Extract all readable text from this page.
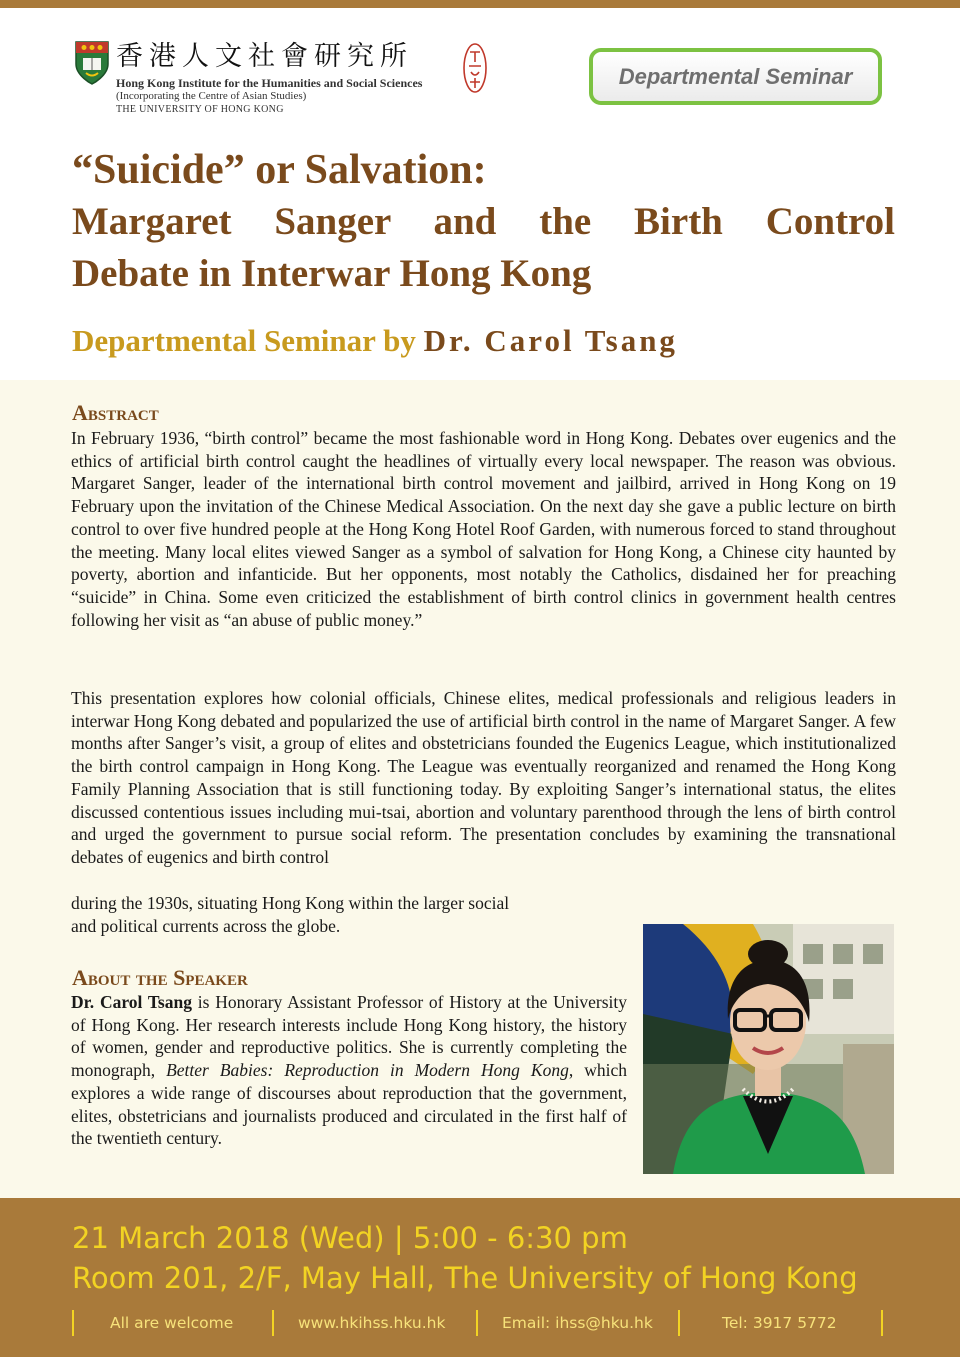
香港人文社會研究所
Hong Kong Institute for the Humanities and Social Sciences
(Incorporating the Centre of Asian Studies)
THE UNIVERSITY OF HONG KONG
Departmental Seminar
“Suicide” or Salvation:
Margaret Sanger and the Birth Control
Debate in Interwar Hong Kong
Departmental Seminar by Dr. Carol Tsang
Abstract

In February 1936, “birth control” became the most fashionable word in Hong Kong. Debates over eugenics and the ethics of artificial birth control caught the headlines of virtually every local newspaper. The reason was obvious. Margaret Sanger, leader of the international birth control movement and jailbird, arrived in Hong Kong on 19 February upon the invitation of the Chinese Medical Association. On the next day she gave a public lecture on birth control to over five hundred people at the Hong Kong Hotel Roof Garden, with numerous forced to stand throughout the meeting. Many local elites viewed Sanger as a symbol of salvation for Hong Kong, a Chinese city haunted by poverty, abortion and infanticide. But her opponents, most notably the Catholics, disdained her for preaching “suicide” in China. Some even criticized the establishment of birth control clinics in government health centres following her visit as “an abuse of public money.”

This presentation explores how colonial officials, Chinese elites, medical professionals and religious leaders in interwar Hong Kong debated and popularized the use of artificial birth control in the name of Margaret Sanger. A few months after Sanger’s visit, a group of elites and obstetricians founded the Eugenics League, which institutionalized the birth control campaign in Hong Kong. The League was eventually reorganized and renamed the Hong Kong Family Planning Association that is still functioning today. By exploiting Sanger’s international status, the elites discussed contentious issues including mui-tsai, abortion and voluntary parenthood through the lens of birth control and urged the government to pursue social reform. The presentation concludes by examining the transnational debates of eugenics and birth control

during the 1930s, situating Hong Kong within the larger social
and political currents across the globe.
About the Speaker

Dr. Carol Tsang is Honorary Assistant Professor of History at the University of Hong Kong. Her research interests include Hong Kong history, the history of women, gender and reproductive politics. She is currently completing the monograph, Better Babies: Reproduction in Modern Hong Kong, which explores a wide range of discourses about reproduction that the government, elites, obstetricians and journalists produced and circulated in the first half of the twentieth century.

21 March 2018 (Wed) | 5:00 - 6:30 pm
Room 201, 2/F, May Hall, The University of Hong Kong
All are welcome	www.hkihss.hku.hk	Email: ihss@hku.hk	Tel: 3917 5772
